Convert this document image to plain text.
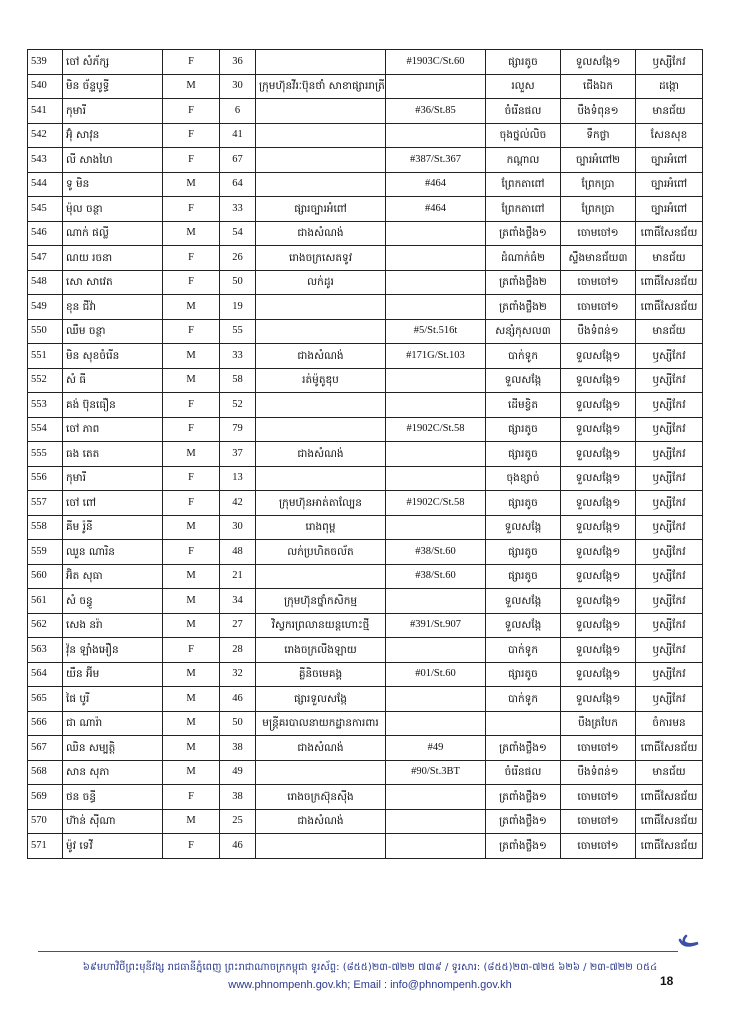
539	ចៅ សំភ័ក្ស	F	36		#1903C/St.60	ផ្សារតូច	ទួលសង្កែ១	ឫស្សីកែវ
540	មិន ច័ន្ទបូទ្ធី	M	30	ក្រុមហ៊ុនវីរៈប៊ុនថាំ សាខាផ្សាររាត្រី		រលួស	ជើងឯក	ដង្កោ
541	កុមារី	F	6		#36/St.85	ចំរើនផល	បឹងទំពុន១	មានជ័យ
542	អ៊ុំ សាវុន	F	41			ចុងថ្នល់លិច	ទឹកថ្លា	សែនសុខ
543	លី សាងហៃ	F	67		#387/St.367	កណ្តាល	ច្បារអំពៅ២	ច្បារអំពៅ
544	ទូ មិន	M	64		#464	ព្រែកតាពៅ	ព្រែកប្រា	ច្បារអំពៅ
545	ម៉ុល ចន្ថា	F	33	ផ្សារច្បារអំពៅ	#464	ព្រែកតាពៅ	ព្រែកប្រា	ច្បារអំពៅ
546	ណាក់ ផល្លី	M	54	ជាងសំណង់		ត្រពាំងថ្លឹង១	ចោមចៅ១	ពោធិ៍សែនជ័យ
547	ណយ រចនា	F	26	រោងចក្រសេតទូវ		ដំណាក់ធំ២	ស្ទឹងមានជ័យ៣	មានជ័យ
548	សោ សាវេត	F	50	លក់ដូរ		ត្រពាំងថ្លឹង២	ចោមចៅ១	ពោធិ៍សែនជ័យ
549	ខុន ជីវ៉ា	M	19			ត្រពាំងថ្លឹង២	ចោមចៅ១	ពោធិ៍សែនជ័យ
550	ឈឹម ចន្ថា	F	55		#5/St.516t	សន្សំកុសល៣	បឹងទំពន់១	មានជ័យ
551	មិន សុខចំរើន	M	33	ជាងសំណង់	#171G/St.103	បាក់ទូក	ទួលសង្កែ១	ឫស្សីកែវ
552	សំ ធី	M	58	រត់ម៉ូតូឌុប		ទួលសង្កែ	ទួលសង្កែ១	ឫស្សីកែវ
553	គង់ ប៊ុនធឿន	F	52			ដើមខ្វិត	ទួលសង្កែ១	ឫស្សីកែវ
554	ចៅ ភាព	F	79		#1902C/St.58	ផ្សារតូច	ទួលសង្កែ១	ឫស្សីកែវ
555	ធង តេត	M	37	ជាងសំណង់		ផ្សារតូច	ទួលសង្កែ១	ឫស្សីកែវ
556	កុមារី	F	13			ចុងខ្សាច់	ទួលសង្កែ១	ឫស្សីកែវ
557	ចៅ ពៅ	F	42	ក្រុមហ៊ុនអាត់តាល្បែន	#1902C/St.58	ផ្សារតូច	ទួលសង្កែ១	ឫស្សីកែវ
558	គីម រ៉ូនី	M	30	រោងពុម្ព		ទួលសង្កែ	ទួលសង្កែ១	ឫស្សីកែវ
559	ឈួន ណារិន	F	48	លក់ប្រហិតចល័ត	#38/St.60	ផ្សារតូច	ទួលសង្កែ១	ឫស្សីកែវ
560	អ៊ិត សុធា	M	21		#38/St.60	ផ្សារតូច	ទួលសង្កែ១	ឫស្សីកែវ
561	សំ ចន្ធូ	M	34	ក្រុមហ៊ុនថ្នាំកសិកម្ម		ទួលសង្កែ	ទួលសង្កែ១	ឫស្សីកែវ
562	សេង នរ៉ា	M	27	វិស្វករព្រលានយន្តហោះថ្មី	#391/St.907	ទួលសង្កែ	ទួលសង្កែ១	ឫស្សីកែវ
563	វ៉ុន ឡាំងអឿន	F	28	រោងចក្រលីងឡាយ		បាក់ទូក	ទួលសង្កែ១	ឫស្សីកែវ
564	យឹន អ៊ីម	M	32	គ្លីនិចមេគង្គ	#01/St.60	ផ្សារតូច	ទួលសង្កែ១	ឫស្សីកែវ
565	ផៃ បូរី	M	46	ផ្សារទួលសង្កែ		បាក់ទូក	ទួលសង្កែ១	ឫស្សីកែវ
566	ជា ណារ៉ា	M	50	មន្ត្រីគរបាលនាយកដ្ឋានការពារ			បឹងត្របែក	ចំការមន
567	ឈិន សម្បត្តិ	M	38	ជាងសំណង់	#49	ត្រពាំងថ្លឹង១	ចោមចៅ១	ពោធិ៍សែនជ័យ
568	សាន សុភា	M	49		#90/St.3BT	ចំរើនផល	បឹងទំពន់១	មានជ័យ
569	ថន ចន្ធី	F	38	រោងចក្រស៊ុនស៊ីង		ត្រពាំងថ្លឹង១	ចោមចៅ១	ពោធិ៍សែនជ័យ
570	ហ៊ាន់ ស៊ីណា	M	25	ជាងសំណង់		ត្រពាំងថ្លឹង១	ចោមចៅ១	ពោធិ៍សែនជ័យ
571	ម៉ូវ ទេវី	F	46			ត្រពាំងថ្លឹង១	ចោមចៅ១	ពោធិ៍សែនជ័យ
៦៩មហាវិថីព្រះមុនីវង្ស រាជធានីភ្នំពេញ ព្រះរាជាណាចក្រកម្ពុជា ទូរស័ព្ទ: (៨៥៥)២៣-៧២២ ៧៣៩ / ទូរសារ: (៨៥៥)២៣-៧២៥ ៦២៦ / ២៣-៧២២ ០៥៤
www.phnompenh.gov.kh; Email : info@phnompenh.gov.kh	18
